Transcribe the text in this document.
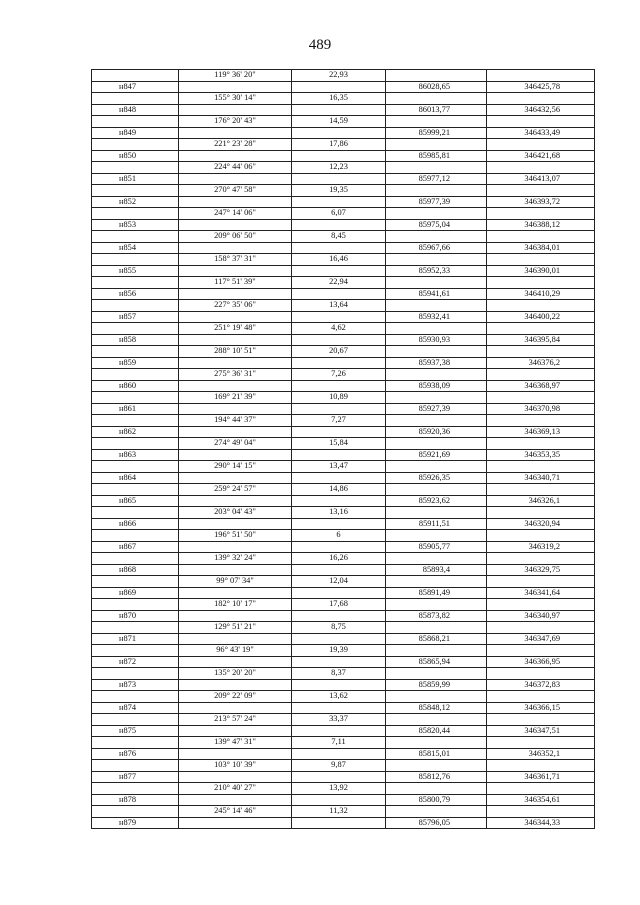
489
	119° 36' 20"	22,93		
н847			86028,65	346425,78
	155° 30' 14"	16,35		
н848			86013,77	346432,56
	176° 20' 43"	14,59		
н849			85999,21	346433,49
	221° 23' 28"	17,86		
н850			85985,81	346421,68
	224° 44' 06"	12,23		
н851			85977,12	346413,07
	270° 47' 58"	19,35		
н852			85977,39	346393,72
	247° 14' 06"	6,07		
н853			85975,04	346388,12
	209° 06' 50"	8,45		
н854			85967,66	346384,01
	158° 37' 31"	16,46		
н855			85952,33	346390,01
	117° 51' 39"	22,94		
н856			85941,61	346410,29
	227° 35' 06"	13,64		
н857			85932,41	346400,22
	251° 19' 48"	4,62		
н858			85930,93	346395,84
	288° 10' 51"	20,67		
н859			85937,38	346376,2
	275° 36' 31"	7,26		
н860			85938,09	346368,97
	169° 21' 39"	10,89		
н861			85927,39	346370,98
	194° 44' 37"	7,27		
н862			85920,36	346369,13
	274° 49' 04"	15,84		
н863			85921,69	346353,35
	290° 14' 15"	13,47		
н864			85926,35	346340,71
	259° 24' 57"	14,86		
н865			85923,62	346326,1
	203° 04' 43"	13,16		
н866			85911,51	346320,94
	196° 51' 50"	6		
н867			85905,77	346319,2
	139° 32' 24"	16,26		
н868			85893,4	346329,75
	99° 07' 34"	12,04		
н869			85891,49	346341,64
	182° 10' 17"	17,68		
н870			85873,82	346340,97
	129° 51' 21"	8,75		
н871			85868,21	346347,69
	96° 43' 19"	19,39		
н872			85865,94	346366,95
	135° 20' 20"	8,37		
н873			85859,99	346372,83
	209° 22' 09"	13,62		
н874			85848,12	346366,15
	213° 57' 24"	33,37		
н875			85820,44	346347,51
	139° 47' 31"	7,11		
н876			85815,01	346352,1
	103° 10' 39"	9,87		
н877			85812,76	346361,71
	210° 40' 27"	13,92		
н878			85800,79	346354,61
	245° 14' 46"	11,32		
н879			85796,05	346344,33
